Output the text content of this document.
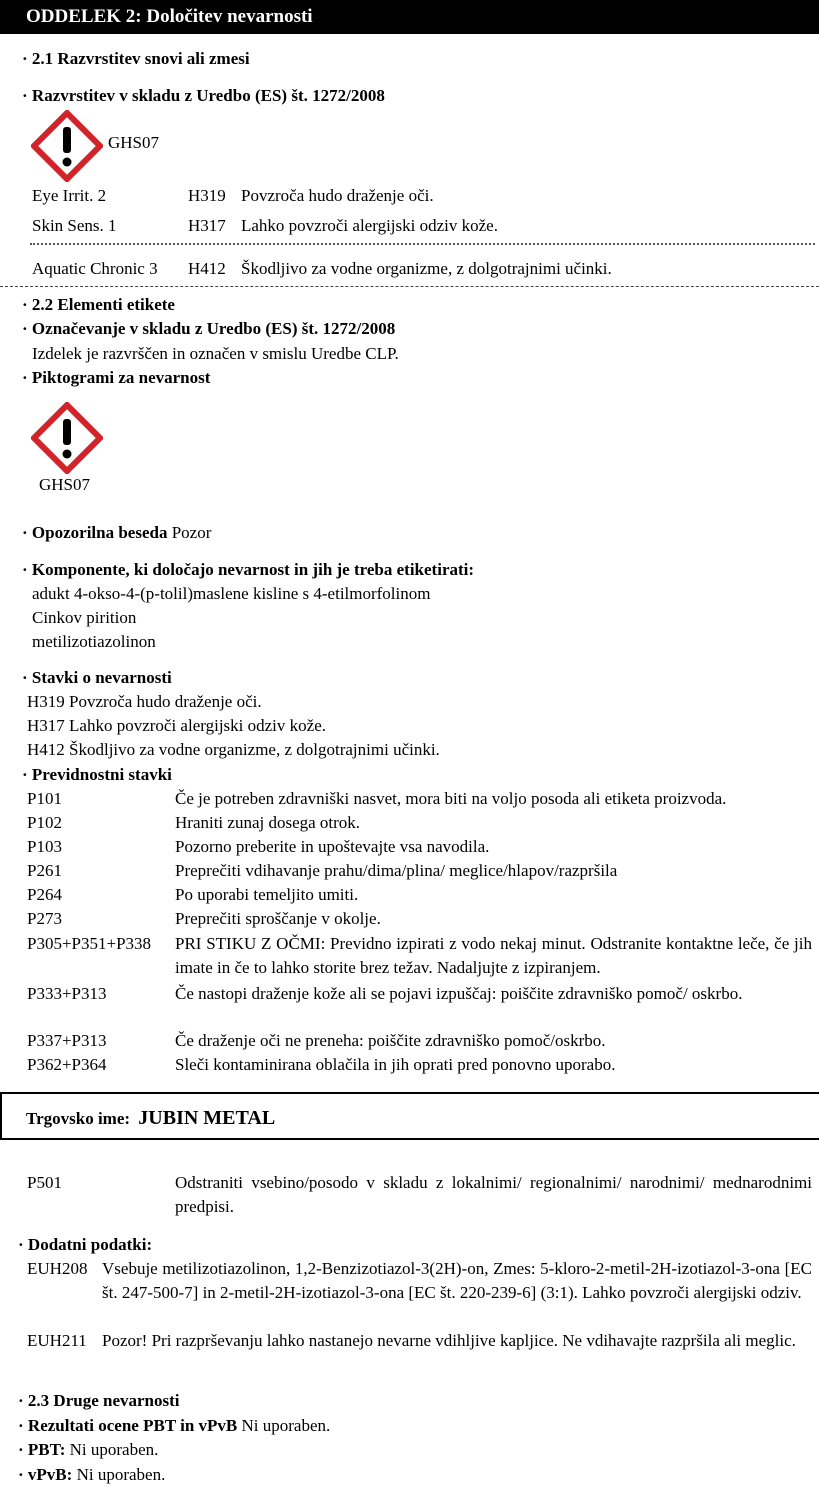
ODDELEK 2: Določitev nevarnosti
· 2.1 Razvrstitev snovi ali zmesi
· Razvrstitev v skladu z Uredbo (ES) št. 1272/2008
GHS07
Eye Irrit. 2	H319 Povzroča hudo draženje oči.
Skin Sens. 1	H317 Lahko povzroči alergijski odziv kože.
Aquatic Chronic 3 H412 Škodljivo za vodne organizme, z dolgotrajnimi učinki.
· 2.2 Elementi etikete
· Označevanje v skladu z Uredbo (ES) št. 1272/2008
Izdelek je razvrščen in označen v smislu Uredbe CLP.
· Piktogrami za nevarnost
GHS07
· Opozorilna beseda Pozor
· Komponente, ki določajo nevarnost in jih je treba etiketirati:
adukt 4-okso-4-(p-tolil)maslene kisline s 4-etilmorfolinom
Cinkov pirition
metilizotiazolinon
· Stavki o nevarnosti
H319 Povzroča hudo draženje oči.
H317 Lahko povzroči alergijski odziv kože.
H412 Škodljivo za vodne organizme, z dolgotrajnimi učinki.
· Previdnostni stavki
P101	Če je potreben zdravniški nasvet, mora biti na voljo posoda ali etiketa proizvoda.
P102	Hraniti zunaj dosega otrok.
P103	Pozorno preberite in upoštevajte vsa navodila.
P261	Preprečiti vdihavanje prahu/dima/plina/ meglice/hlapov/razpršila
P264	Po uporabi temeljito umiti.
P273	Preprečiti sproščanje v okolje.
P305+P351+P338 PRI STIKU Z OČMI: Previdno izpirati z vodo nekaj minut. Odstranite kontaktne leče, če jih imate in če to lahko storite brez težav. Nadaljujte z izpiranjem.
P333+P313	Če nastopi draženje kože ali se pojavi izpuščaj: poiščite zdravniško pomoč/ oskrbo.
P337+P313	Če draženje oči ne preneha: poiščite zdravniško pomoč/oskrbo.
P362+P364	Sleči kontaminirana oblačila in jih oprati pred ponovno uporabo.
Trgovsko ime: JUBIN METAL
P501	Odstraniti vsebino/posodo v skladu z lokalnimi/ regionalnimi/ narodnimi/ mednarodnimi predpisi.
· Dodatni podatki:
EUH208 Vsebuje metilizotiazolinon, 1,2-Benzizotiazol-3(2H)-on, Zmes: 5-kloro-2-metil-2H-izotiazol-3-ona [EC št. 247-500-7] in 2-metil-2H-izotiazol-3-ona [EC št. 220-239-6] (3:1). Lahko povzroči alergijski odziv.
EUH211 Pozor! Pri razprševanju lahko nastanejo nevarne vdihljive kapljice. Ne vdihavajte razpršila ali meglic.
· 2.3 Druge nevarnosti
· Rezultati ocene PBT in vPvB Ni uporaben.
· PBT: Ni uporaben.
· vPvB: Ni uporaben.
